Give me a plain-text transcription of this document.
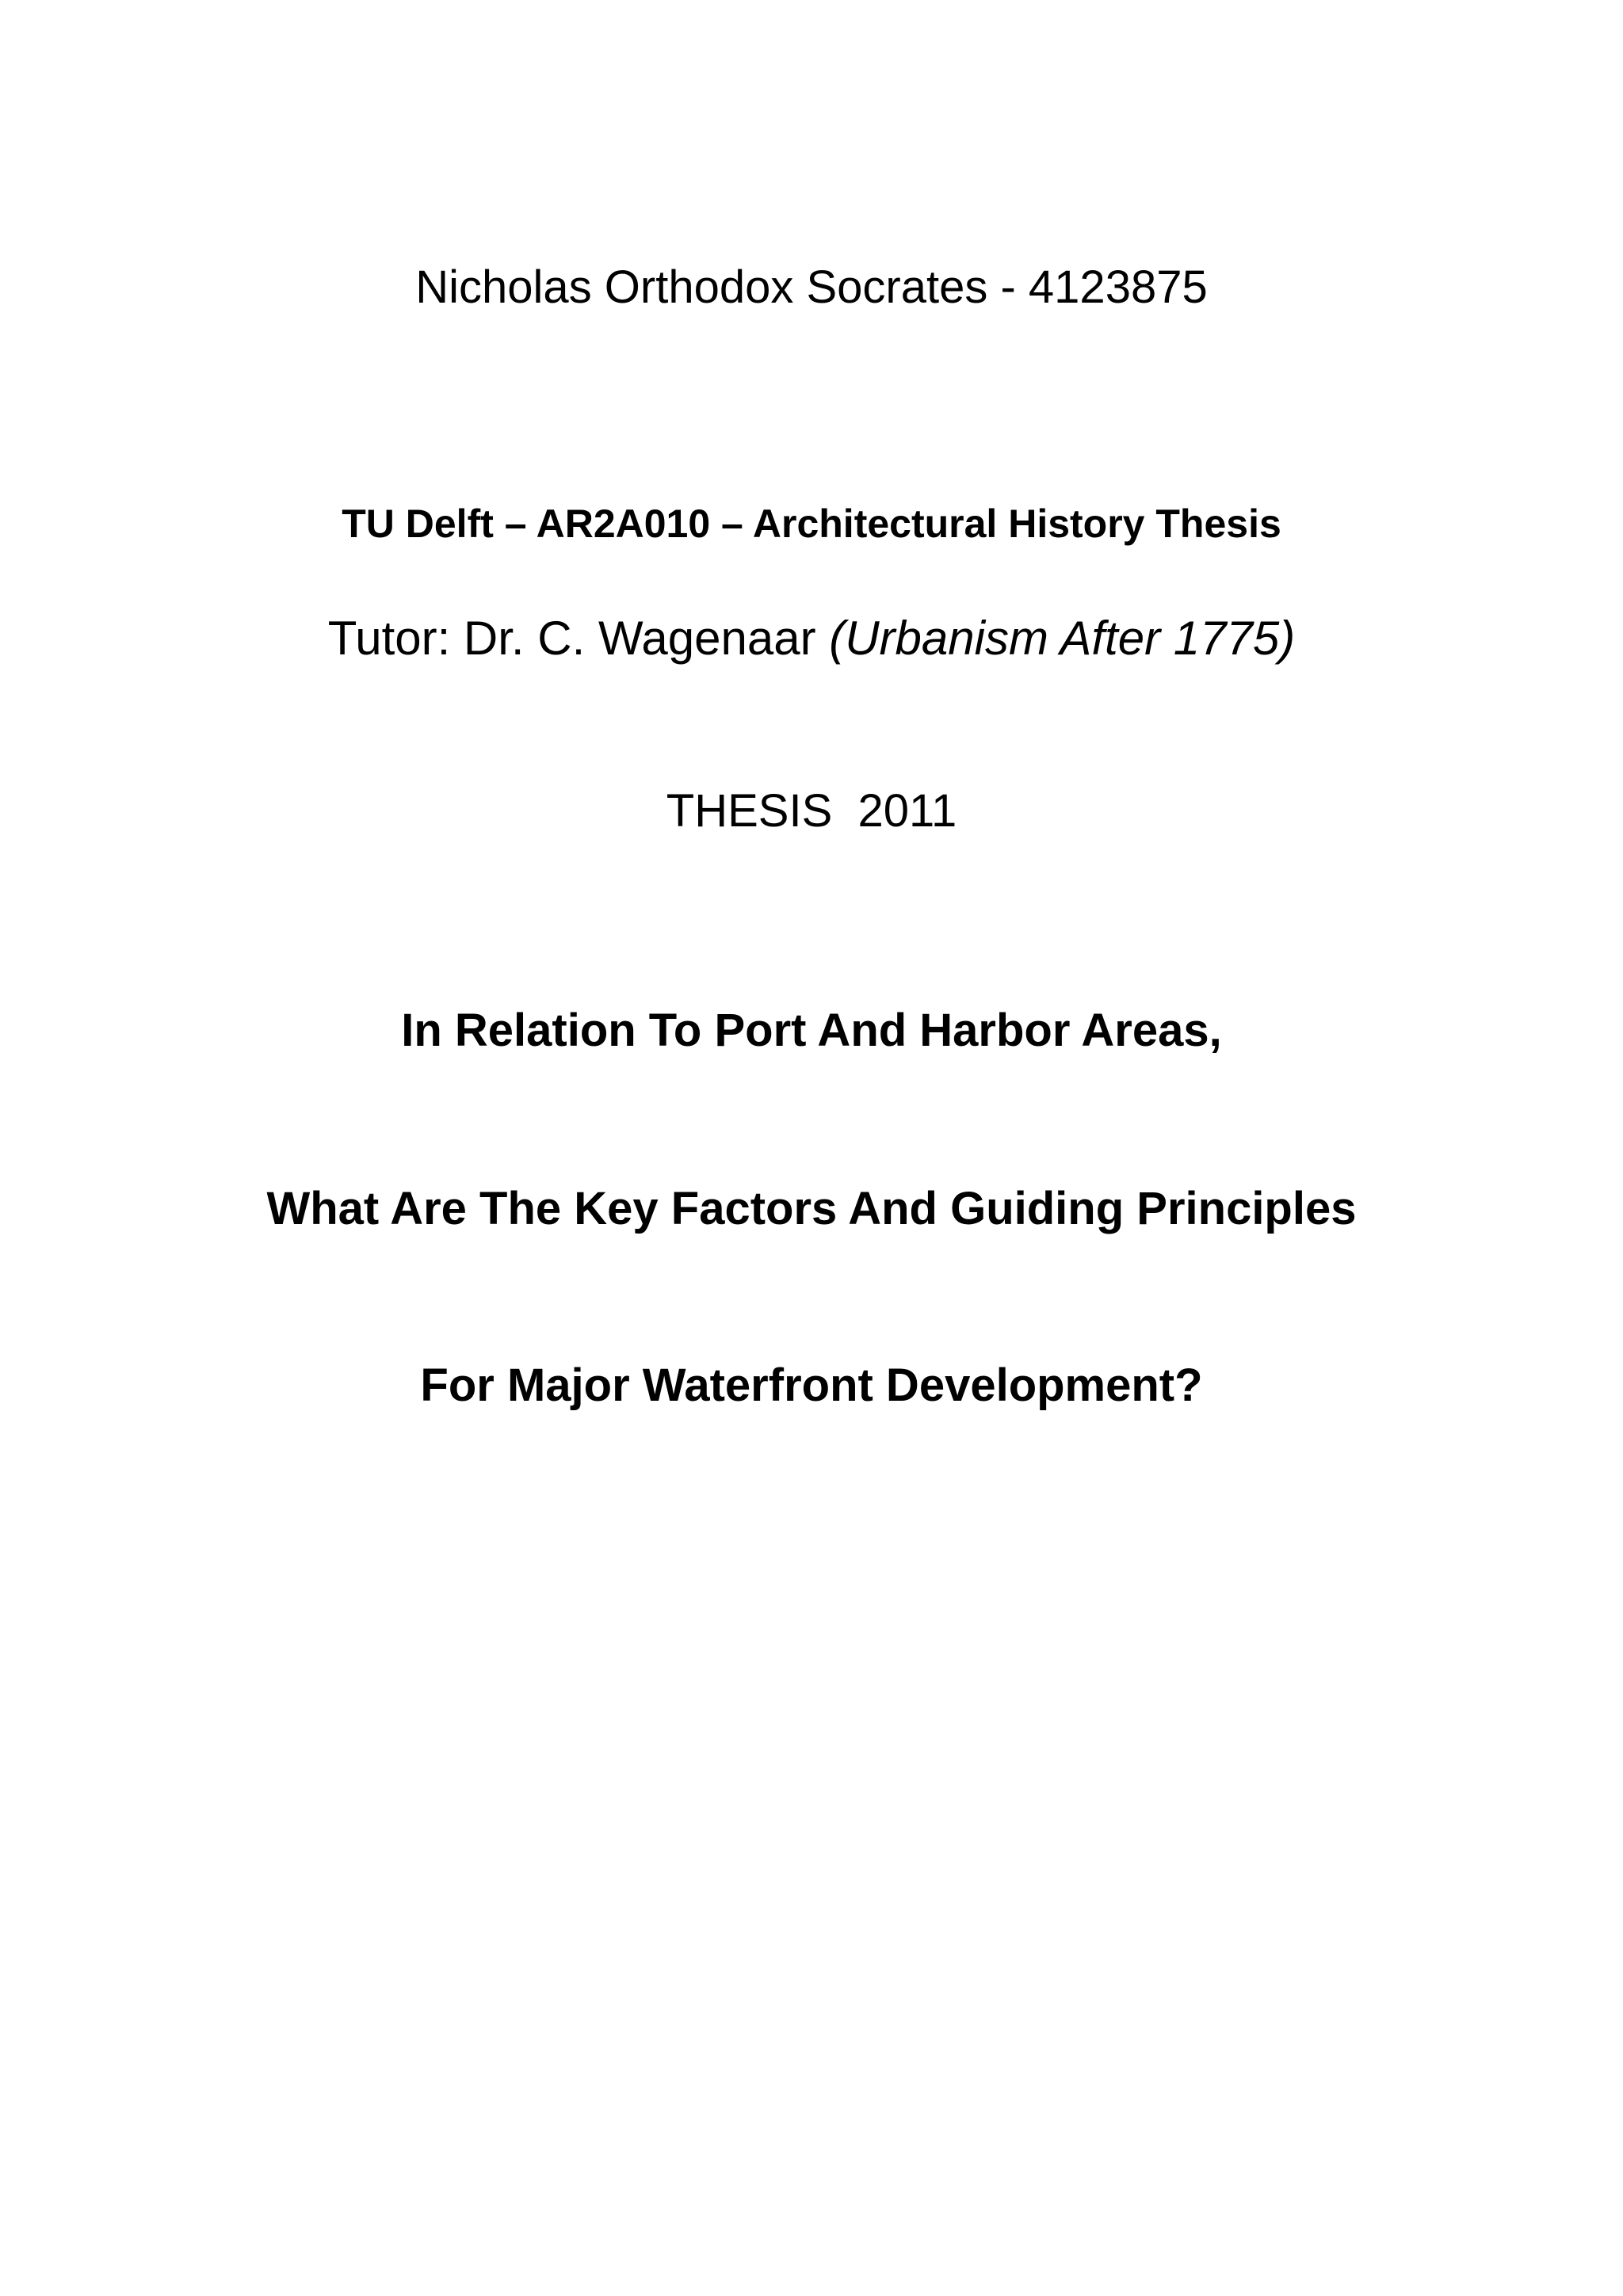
Nicholas Orthodox Socrates - 4123875
TU Delft – AR2A010 – Architectural History Thesis
Tutor: Dr. C. Wagenaar (Urbanism After 1775)
THESIS  2011
In Relation To Port And Harbor Areas,
What Are The Key Factors And Guiding Principles
For Major Waterfront Development?
